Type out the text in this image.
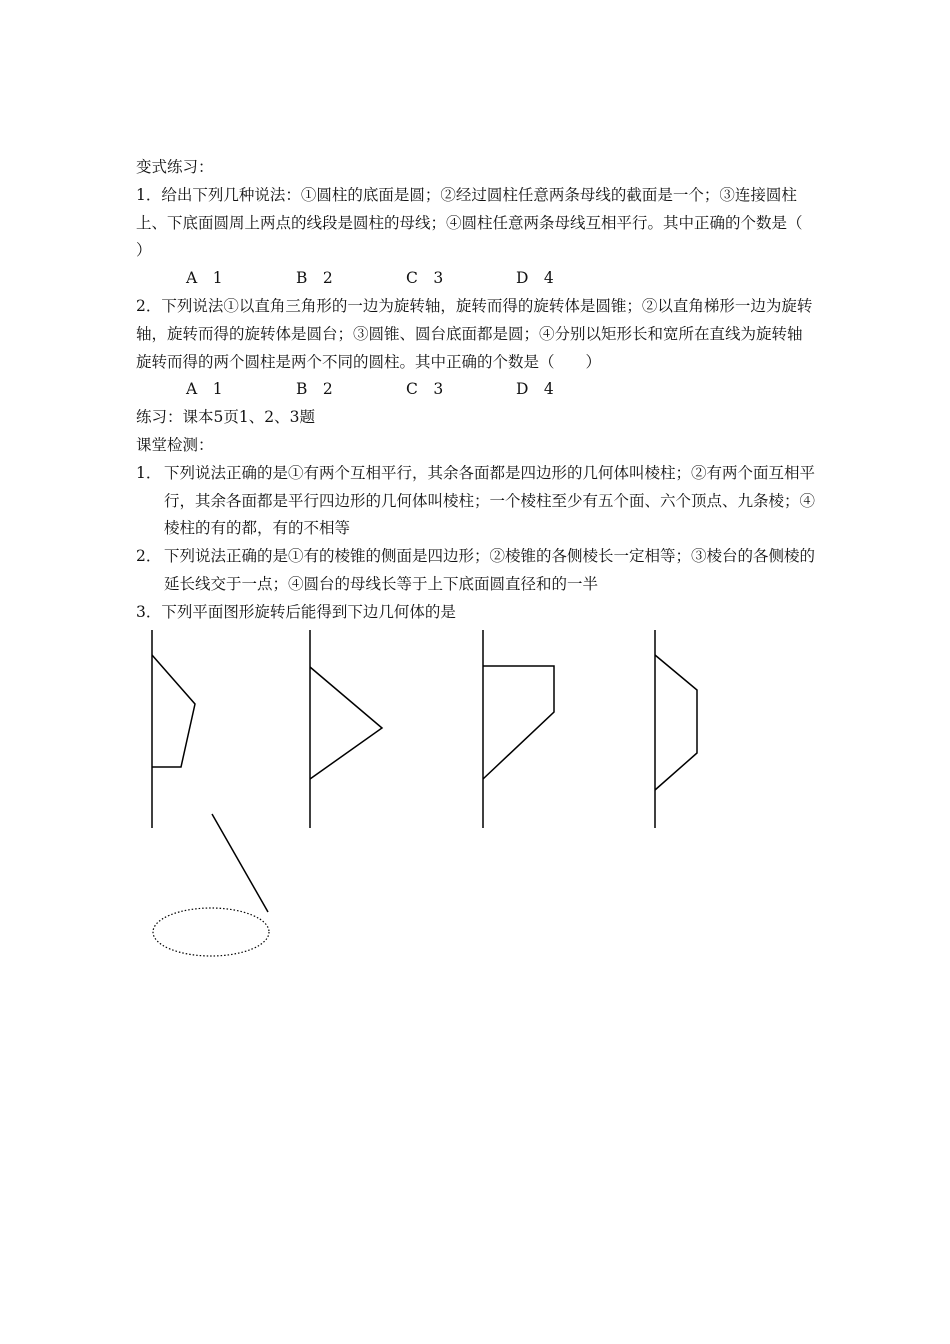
变式练习：
1．给出下列几种说法：①圆柱的底面是圆；②经过圆柱任意两条母线的截面是一个；③连接圆柱上、下底面圆周上两点的线段是圆柱的母线；④圆柱任意两条母线互相平行。其中正确的个数是（　　）
A　1	B　2	C　3	D　4
2．下列说法①以直角三角形的一边为旋转轴，旋转而得的旋转体是圆锥；②以直角梯形一边为旋转轴，旋转而得的旋转体是圆台；③圆锥、圆台底面都是圆；④分别以矩形长和宽所在直线为旋转轴旋转而得的两个圆柱是两个不同的圆柱。其中正确的个数是（　　）
A　1	B　2	C　3	D　4
练习：课本5页1、2、3题
课堂检测：
1． 下列说法正确的是①有两个互相平行，其余各面都是四边形的几何体叫棱柱；②有两个面互相平行，其余各面都是平行四边形的几何体叫棱柱；一个棱柱至少有五个面、六个顶点、九条棱；④棱柱的有的都，有的不相等
2． 下列说法正确的是①有的棱锥的侧面是四边形；②棱锥的各侧棱长一定相等；③棱台的各侧棱的延长线交于一点；④圆台的母线长等于上下底面圆直径和的一半
3．下列平面图形旋转后能得到下边几何体的是
